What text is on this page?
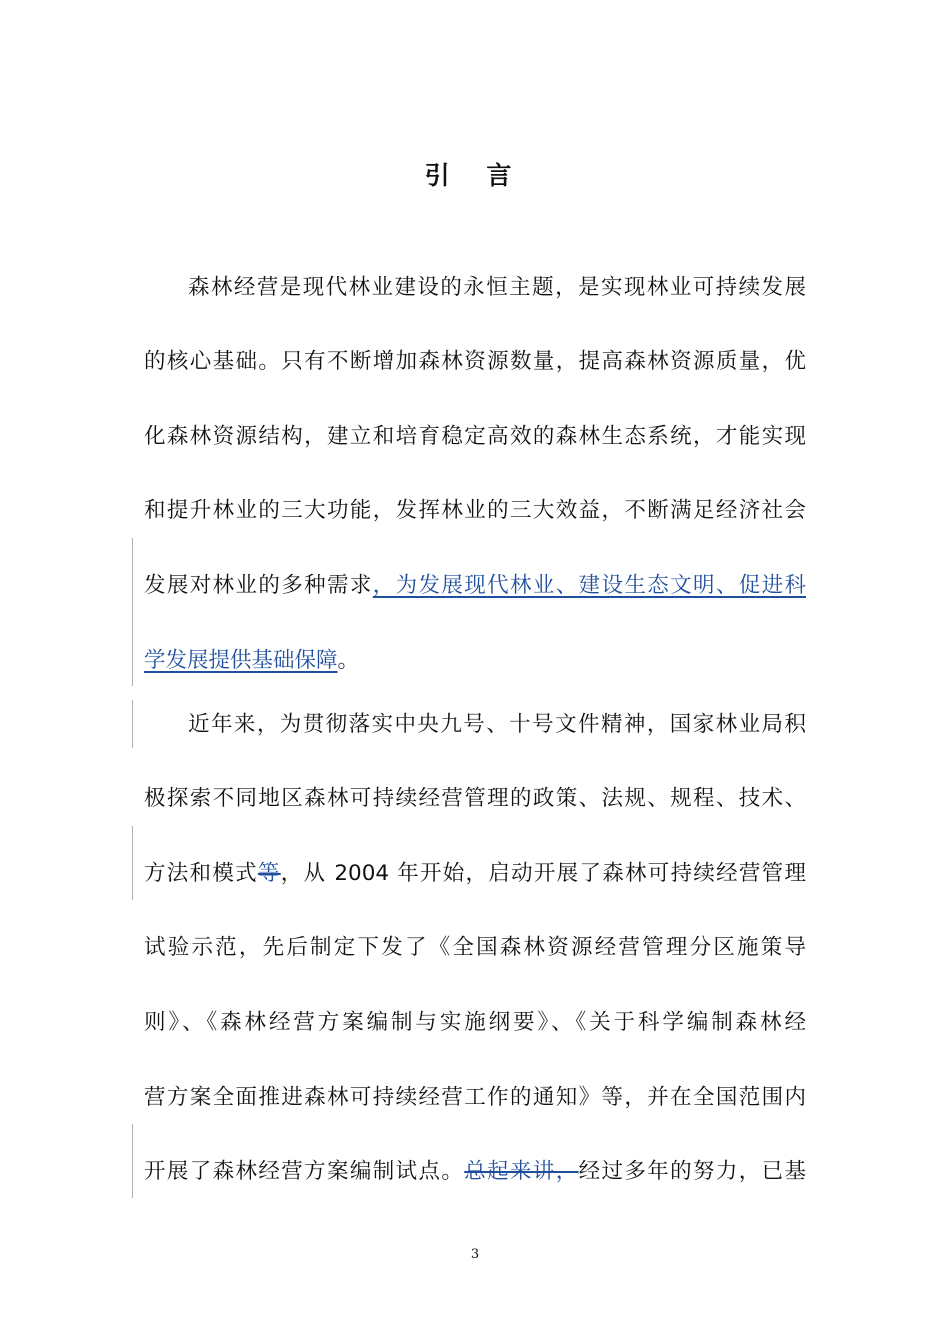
引 言
森林经营是现代林业建设的永恒主题，是实现林业可持续发展
的核心基础。只有不断增加森林资源数量，提高森林资源质量，优
化森林资源结构，建立和培育稳定高效的森林生态系统，才能实现
和提升林业的三大功能，发挥林业的三大效益，不断满足经济社会
发展对林业的多种需求，为发展现代林业、建设生态文明、促进科
学发展提供基础保障。
近年来，为贯彻落实中央九号、十号文件精神，国家林业局积
极探索不同地区森林可持续经营管理的政策、法规、规程、技术、
方法和模式等，从 2004 年开始，启动开展了森林可持续经营管理
试验示范，先后制定下发了《全国森林资源经营管理分区施策导
则》、《森林经营方案编制与实施纲要》、《关于科学编制森林经
营方案全面推进森林可持续经营工作的通知》等，并在全国范围内
开展了森林经营方案编制试点。总起来讲，经过多年的努力，已基
3
